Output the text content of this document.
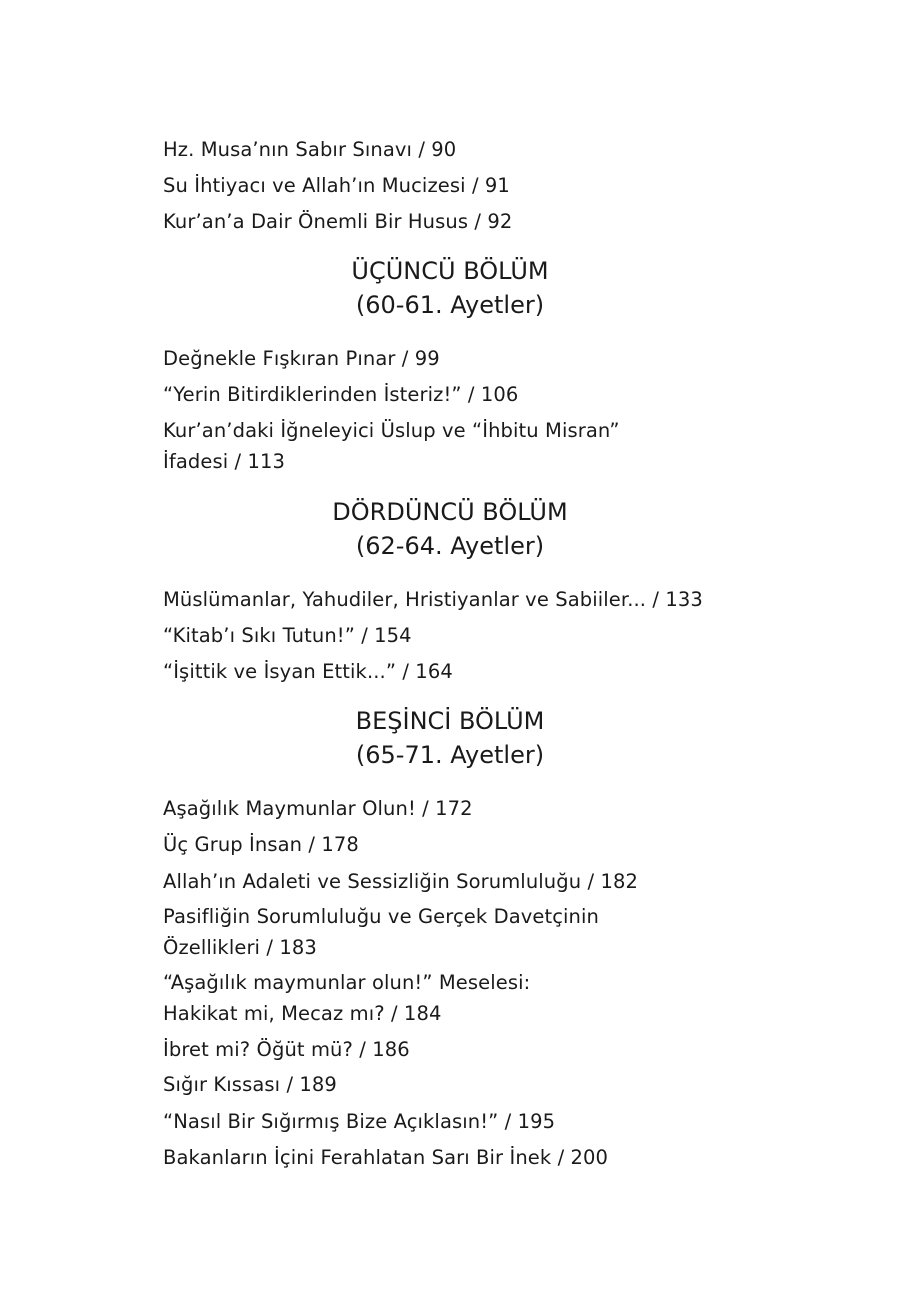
Hz. Musa’nın Sabır Sınavı / 90
Su İhtiyacı ve Allah’ın Mucizesi / 91
Kur’an’a Dair Önemli Bir Husus / 92
ÜÇÜNCÜ BÖLÜM
(60-61. Ayetler)
Değnekle Fışkıran Pınar / 99
“Yerin Bitirdiklerinden İsteriz!” / 106
Kur’an’daki İğneleyici Üslup ve “İhbitu Misran”
İfadesi / 113
DÖRDÜNCÜ BÖLÜM
(62-64. Ayetler)
Müslümanlar, Yahudiler, Hristiyanlar ve Sabiiler... / 133
“Kitab’ı Sıkı Tutun!” / 154
“İşittik ve İsyan Ettik...” / 164
BEŞİNCİ BÖLÜM
(65-71. Ayetler)
Aşağılık Maymunlar Olun! / 172
Üç Grup İnsan / 178
Allah’ın Adaleti ve Sessizliğin Sorumluluğu / 182
Pasifliğin Sorumluluğu ve Gerçek Davetçinin
Özellikleri / 183
“Aşağılık maymunlar olun!” Meselesi:
Hakikat mi, Mecaz mı? / 184
İbret mi? Öğüt mü? / 186
Sığır Kıssası / 189
“Nasıl Bir Sığırmış Bize Açıklasın!” / 195
Bakanların İçini Ferahlatan Sarı Bir İnek / 200
